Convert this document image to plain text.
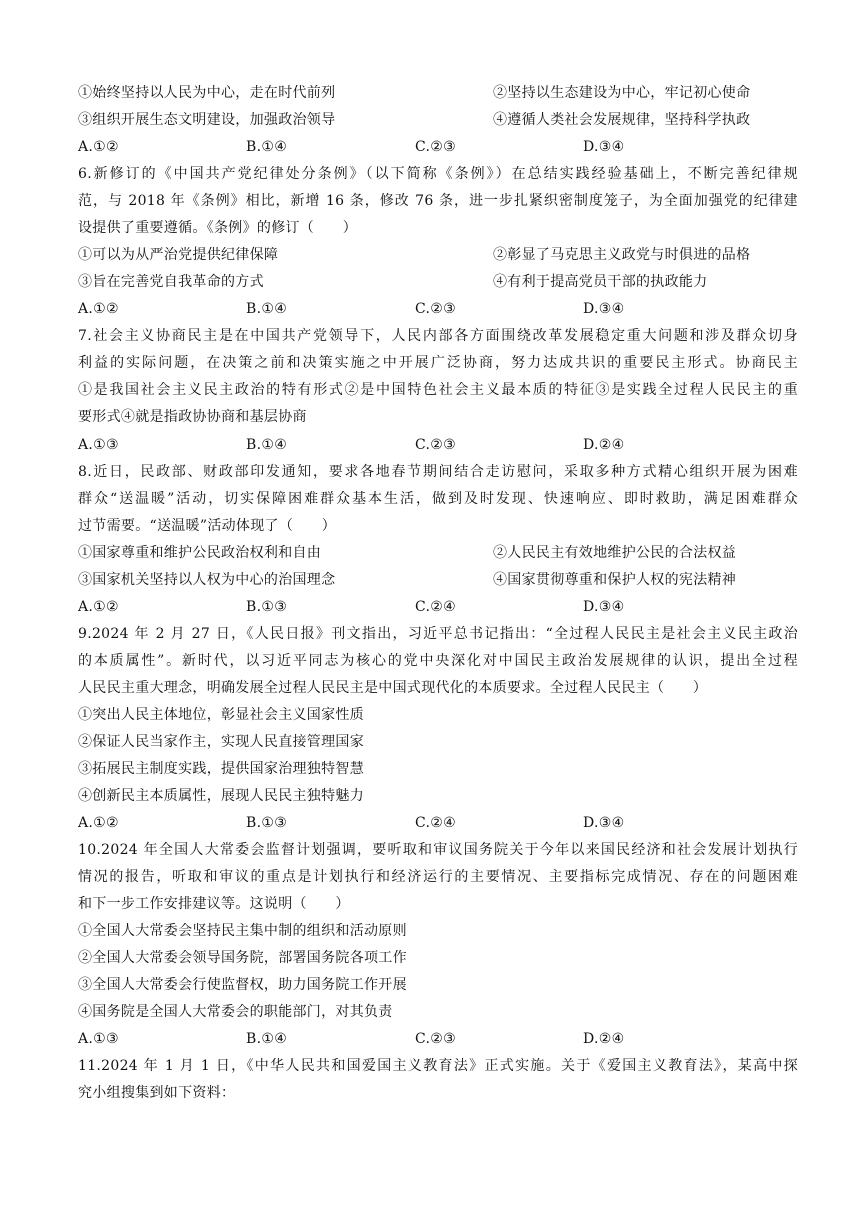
①始终坚持以人民为中心，走在时代前列	②坚持以生态建设为中心，牢记初心使命
③组织开展生态文明建设，加强政治领导	④遵循人类社会发展规律，坚持科学执政
A.①②	B.①④	C.②③	D.③④
6.新修订的《中国共产党纪律处分条例》（以下简称《条例》）在总结实践经验基础上，不断完善纪律规
范，与 2018 年《条例》相比，新增 16 条，修改 76 条，进一步扎紧织密制度笼子，为全面加强党的纪律建
设提供了重要遵循。《条例》的修订（　　）
①可以为从严治党提供纪律保障	②彰显了马克思主义政党与时俱进的品格
③旨在完善党自我革命的方式	④有利于提高党员干部的执政能力
A.①②	B.①④	C.②③	D.③④
7.社会主义协商民主是在中国共产党领导下，人民内部各方面围绕改革发展稳定重大问题和涉及群众切身
利益的实际问题，在决策之前和决策实施之中开展广泛协商，努力达成共识的重要民主形式。协商民主
①是我国社会主义民主政治的特有形式②是中国特色社会主义最本质的特征③是实践全过程人民民主的重
要形式④就是指政协协商和基层协商
A.①③	B.①④	C.②③	D.②④
8.近日，民政部、财政部印发通知，要求各地春节期间结合走访慰问，采取多种方式精心组织开展为困难
群众“送温暖”活动，切实保障困难群众基本生活，做到及时发现、快速响应、即时救助，满足困难群众
过节需要。“送温暖”活动体现了（　　）
①国家尊重和维护公民政治权利和自由	②人民民主有效地维护公民的合法权益
③国家机关坚持以人权为中心的治国理念	④国家贯彻尊重和保护人权的宪法精神
A.①②	B.①③	C.②④	D.③④
9.2024 年 2 月 27 日，《人民日报》刊文指出，习近平总书记指出：“全过程人民民主是社会主义民主政治
的本质属性”。新时代，以习近平同志为核心的党中央深化对中国民主政治发展规律的认识，提出全过程
人民民主重大理念，明确发展全过程人民民主是中国式现代化的本质要求。全过程人民民主（　　）
①突出人民主体地位，彰显社会主义国家性质
②保证人民当家作主，实现人民直接管理国家
③拓展民主制度实践，提供国家治理独特智慧
④创新民主本质属性，展现人民民主独特魅力
A.①②	B.①③	C.②④	D.③④
10.2024 年全国人大常委会监督计划强调，要听取和审议国务院关于今年以来国民经济和社会发展计划执行
情况的报告，听取和审议的重点是计划执行和经济运行的主要情况、主要指标完成情况、存在的问题困难
和下一步工作安排建议等。这说明（　　）
①全国人大常委会坚持民主集中制的组织和活动原则
②全国人大常委会领导国务院，部署国务院各项工作
③全国人大常委会行使监督权，助力国务院工作开展
④国务院是全国人大常委会的职能部门，对其负责
A.①③	B.①④	C.②③	D.②④
11.2024 年 1 月 1 日，《中华人民共和国爱国主义教育法》正式实施。关于《爱国主义教育法》，某高中探
究小组搜集到如下资料：
